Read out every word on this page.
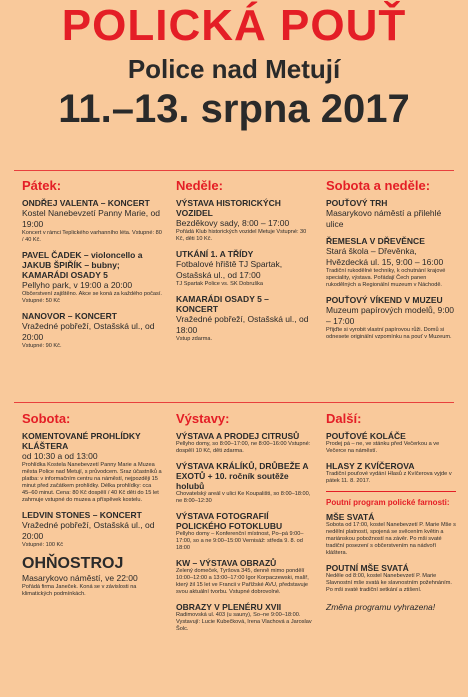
POLICKÁ POUŤ
Police nad Metují
11.–13. srpna 2017
Pátek:
ONDŘEJ VALENTA – KONCERT
Kostel Nanebevzetí Panny Marie, od 19:00
Koncert v rámci Teplického varhanního léta. Vstupné: 80 / 40 Kč.
PAVEL ČADEK – violoncello a JAKUB ŠPIŘÍK – bubny; KAMARÁDI OSADY 5
Pellyho park, v 19:00 a 20:00
Občerstvení zajištěno. Akce se koná za každého počasí. Vstupné: 50 Kč
NANOVOR – KONCERT
Vražedné pobřeží, Ostašská ul., od 20:00
Vstupné: 90 Kč.
Neděle:
VÝSTAVA HISTORICKÝCH VOZIDEL
Bezděkovy sady, 8:00 – 17:00
Pořádá Klub historických vozidel Metuje Vstupné: 30 Kč, děti 10 Kč.
UTKÁNÍ 1. A TŘÍDY
Fotbalové hřiště TJ Spartak, Ostašská ul., od 17:00
TJ Spartak Police vs. SK Dobruška
KAMARÁDI OSADY 5 – KONCERT
Vražedné pobřeží, Ostašská ul., od 18:00
Vstup zdarma.
Sobota a neděle:
POUŤOVÝ TRH
Masarykovo náměstí a přilehlé ulice
ŘEMESLA V DŘEVĚNCE
Stará škola – Dřevěnka, Hvězdecká ul. 15, 9:00 – 16:00
Tradiční rukodělné techniky, k ochutnání krajové speciality, výstava. Pořádají Čech panen rukodělných a Regionální muzeum v Náchodě.
POUŤOVÝ VÍKEND V MUZEU
Muzeum papírových modelů, 9:00 – 17:00
Přijďte si vyrobit vlastní papírovou růži. Domů si odnesete originální vzpomínku na pouť v Muzeum.
Sobota:
KOMENTOVANÉ PROHLÍDKY KLÁŠTERA
od 10:30 a od 13:00
Prohlídka Kostela Nanebevzetí Panny Marie a Muzea města Police nad Metují, s průvodcem. Sraz účastníků a platba: v informačním centru na náměstí, nejpozději 15 minut před začátkem prohlídky. Délka prohlídky: cca 45–60 minut. Cena: 80 Kč dospělí / 40 Kč děti do 15 let zahrnuje vstupné do muzea a příspěvek kostelu.
LEDVIN STONES – KONCERT
Vražedné pobřeží, Ostašská ul., od 20:00
Vstupné: 100 Kč
OHŇOSTROJ
Masarykovo náměstí, ve 22:00
Pořádá firma Janeček. Koná se v závislosti na klimatických podmínkách.
Výstavy:
VÝSTAVA A PRODEJ CITRUSŮ
Pellyho domy, so 8:00–17:00, ne 8:00–16:00 Vstupné: dospělí 10 Kč, děti zdarma.
VÝSTAVA KRÁLÍKŮ, DRŮBEŽE A EXOTŮ + 10. ročník soutěže holubů
Chovatelský areál v ulici Ke Koupališti, so 8:00–18:00, ne 8:00–12:30
VÝSTAVA FOTOGRAFIÍ POLICKÉHO FOTOKLUBU
Pellyho domy – Konferenční místnost, Po–pá 9:00–17:00, so a ne 9:00–15:00 Vernisáž: středa 9. 8. od 18:00
KW – VÝSTAVA OBRAZŮ
Zelený domeček, Tyršova 345, denně mimo pondělí 10:00–12:00 a 13:00–17:00 Igor Korpaczewski, malíř, který žil 15 let ve Francii v Pařížské AVU, představuje svou aktuální tvorbu. Vstupné dobrovolné.
OBRAZY V PLENÉRU XVII
Radimovská ul. 403 (u sauny), So–ne 9:00–18:00. Vystavují: Lucie Kubečková, Irena Vlachová a Jaroslav Šolc.
Další:
POUŤOVÉ KOLÁČE
Prodej pá – ne, ve stánku před Večerkou a ve Večerce na náměstí.
HLASY Z KVÍČEROVA
Tradiční pouťové vydání Hlasů z Kvíčerova vyjde v pátek 11. 8. 2017.
Poutní program polické farnosti:
MŠE SVATÁ
Sobota od 17:00, kostel Nanebevzetí P. Marie Mše s nedělní platností, spojená se svěcením květin a mariánskou pobožností na závěr. Po mši svaté tradiční posezení s občerstvením na nádvoří kláštera.
POUTNÍ MŠE SVATÁ
Neděle od 8:00, kostel Nanebevzetí P. Marie Slavnostní mše svatá ke slavnostním požehnáním. Po mši svaté tradiční setkání a ztišení.
Změna programu vyhrazena!
